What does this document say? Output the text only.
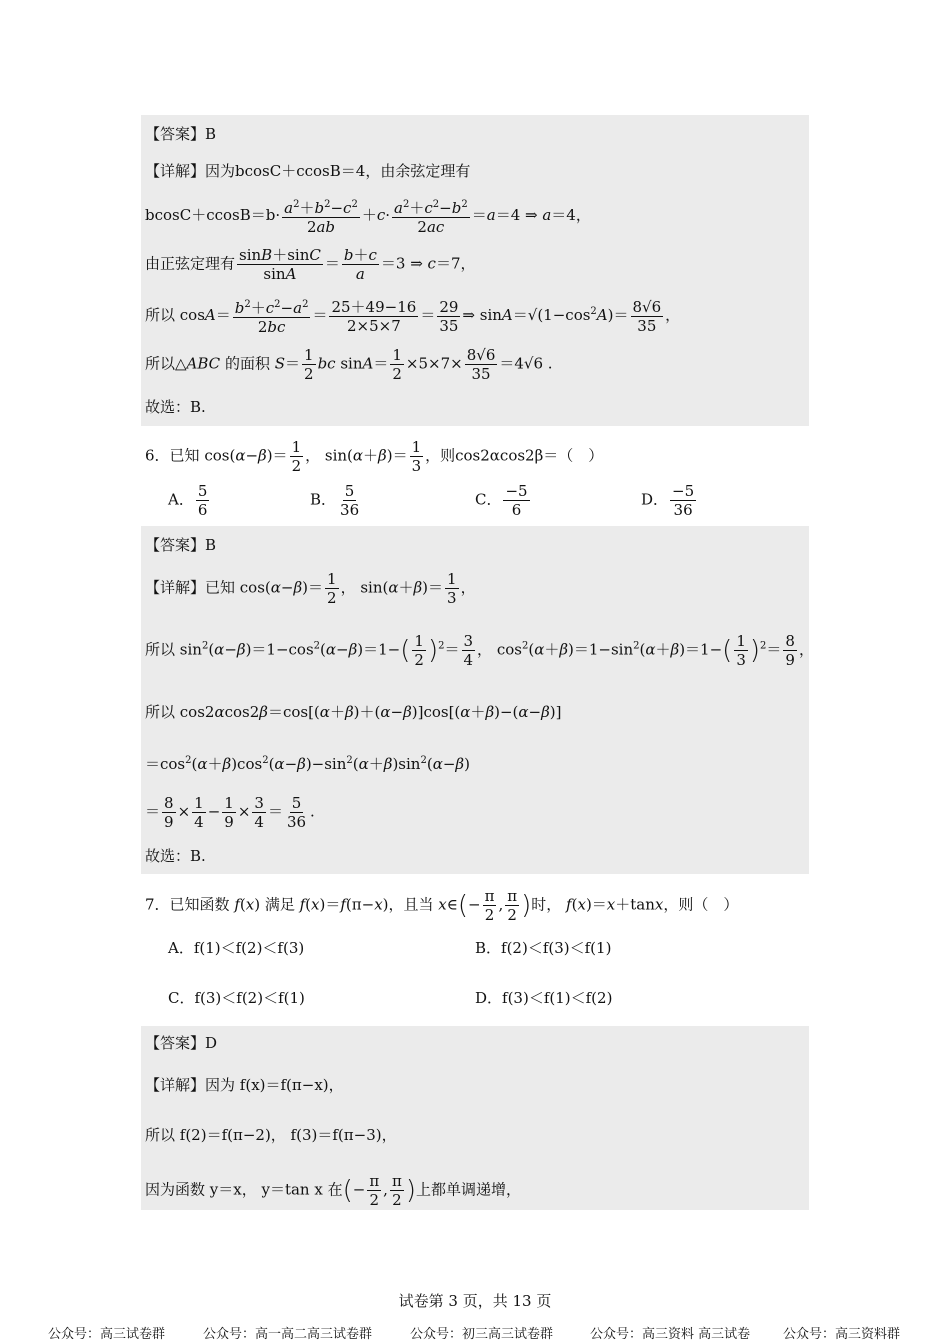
【答案】B
【详解】因为bcosC＋ccosB＝4，由余弦定理有
$bcosC+ccosB=b\cdot \frac{a^2+b^2-c^2}{2ab} +c\cdot \frac{a^2+c^2-b^2}{2ac} =a=4$ ⇒ a＝4，
由正弦定理有 $\frac{\sin B+\sin C}{\sin A} = \frac{b+c}{a} =3$ ⇒ c＝7，
所以 $\cos A= \frac{b^2+c^2-a^2}{2bc} = \frac{25+49-16}{2\times 5\times 7} = \frac{29}{35}$ ⇒ $\sin A=√(1-\cos^2A)= \frac{8√6}{35}$ ，
所以△ABC 的面积 $S= \frac{1}{2}$ bc $\sin A= \frac{1}{2} \times 5\times 7\times \frac{8√6}{35} =4√6$ .
故选：B.
6．已知 $\cos(\alpha-\beta)= \frac{1}{2}$ ， $\sin(\alpha+\beta)= \frac{1}{3}$ ，则cos2αcos2β＝（　）
A． $\frac{5}{6}$	B． $\frac{5}{36}$	C． $\frac{-5}{6}$	D． $\frac{-5}{36}$
【答案】B
【详解】已知 $\cos(\alpha-\beta)= \frac{1}{2}$ ， $\sin(\alpha+\beta)= \frac{1}{3}$ ，
所以 $\sin^2(\alpha-\beta)=1-\cos^2(\alpha-\beta)=1-( \frac{1}{2} )^2= \frac{3}{4}$ ， $\cos^2(\alpha+\beta)=1-\sin^2(\alpha+\beta)=1-( \frac{1}{3} )^2= \frac{8}{9}$ ，
所以 cos2αcos2β＝cos[(α＋β)＋(α−β)]cos[(α＋β)−(α−β)]
$=\cos^2(\alpha+\beta)\cos^2(\alpha-\beta)-\sin^2(\alpha+\beta)\sin^2(\alpha-\beta)$
＝ $\frac{8}{9} \times \frac{1}{4} - \frac{1}{9} \times \frac{3}{4} = \frac{5}{36}$ .
故选：B.
7．已知函数 f(x) 满足 f(x)＝f(π−x)，且当 x∈(− $\frac{\pi}{2}$ , $\frac{\pi}{2}$ )时， f(x)＝x＋tanx，则（　）
A．f(1)＜f(2)＜f(3)	B．f(2)＜f(3)＜f(1)
C．f(3)＜f(2)＜f(1)	D．f(3)＜f(1)＜f(2)
【答案】D
【详解】因为 f(x)＝f(π−x)，
所以 f(2)＝f(π−2)， f(3)＝f(π−3)，
因为函数 y＝x， y＝tan x 在(− $\frac{\pi}{2}$ , $\frac{\pi}{2}$ )上都单调递增，
试卷第 3 页，共 13 页
公众号：高三试卷群	公众号：高一高二高三试卷群	公众号：初三高三试卷群	公众号：高三资料 高三试卷	公众号：高三资料群
